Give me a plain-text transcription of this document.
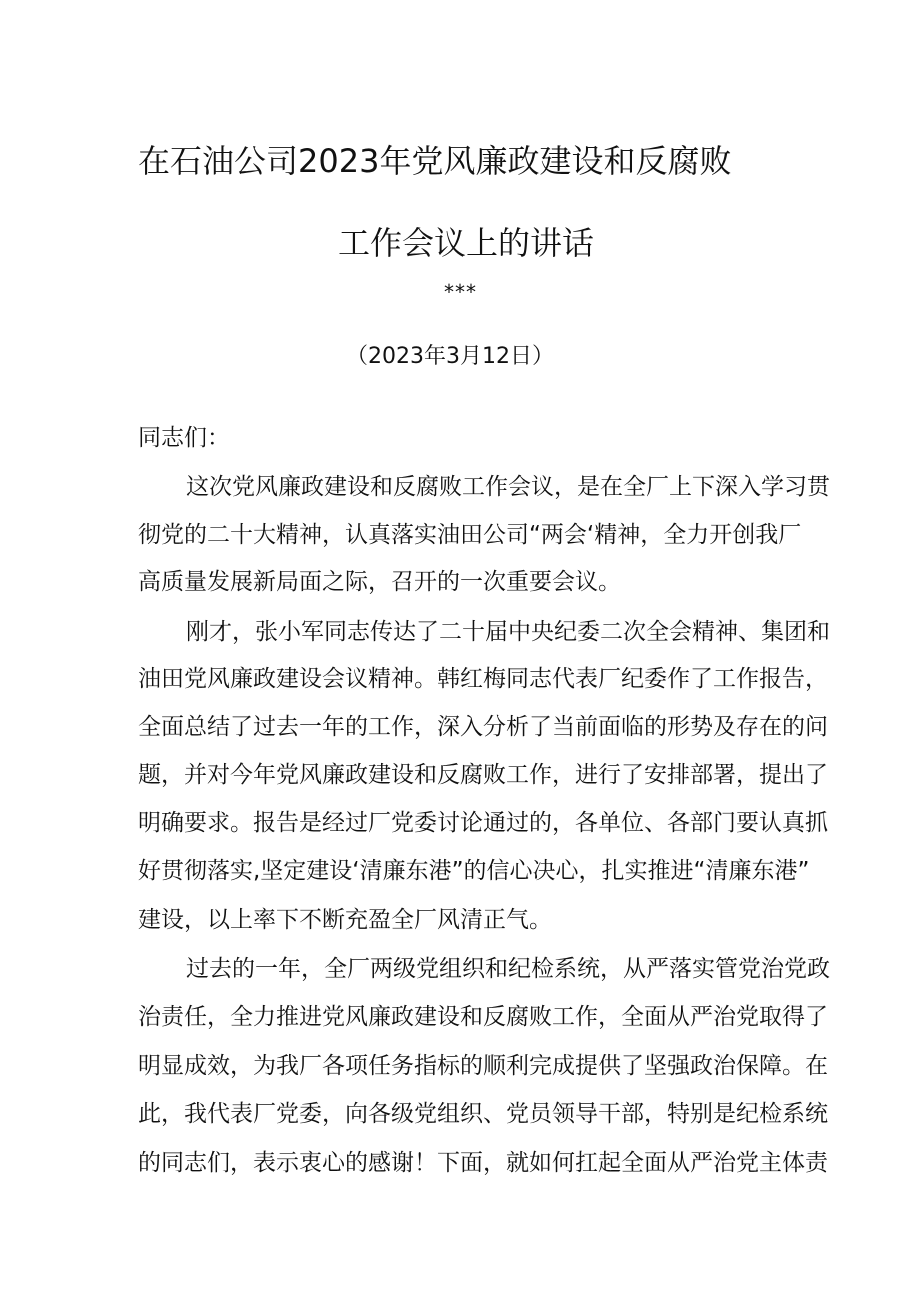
在石油公司2023年党风廉政建设和反腐败
工作会议上的讲话
***
（2023年3月12日）
同志们：
这次党风廉政建设和反腐败工作会议，是在全厂上下深入学习贯
彻党的二十大精神，认真落实油田公司“两会‘精神，全力开创我厂
高质量发展新局面之际，召开的一次重要会议。
刚才，张小军同志传达了二十届中央纪委二次全会精神、集团和
油田党风廉政建设会议精神。韩红梅同志代表厂纪委作了工作报告，
全面总结了过去一年的工作，深入分析了当前面临的形势及存在的问
题，并对今年党风廉政建设和反腐败工作，进行了安排部署，提出了
明确要求。报告是经过厂党委讨论通过的，各单位、各部门要认真抓
好贯彻落实,坚定建设‘清廉东港”的信心决心，扎实推进“清廉东港”
建设，以上率下不断充盈全厂风清正气。
过去的一年，全厂两级党组织和纪检系统，从严落实管党治党政
治责任，全力推进党风廉政建设和反腐败工作，全面从严治党取得了
明显成效，为我厂各项任务指标的顺利完成提供了坚强政治保障。在
此，我代表厂党委，向各级党组织、党员领导干部，特别是纪检系统
的同志们，表示衷心的感谢！下面，就如何扛起全面从严治党主体责
